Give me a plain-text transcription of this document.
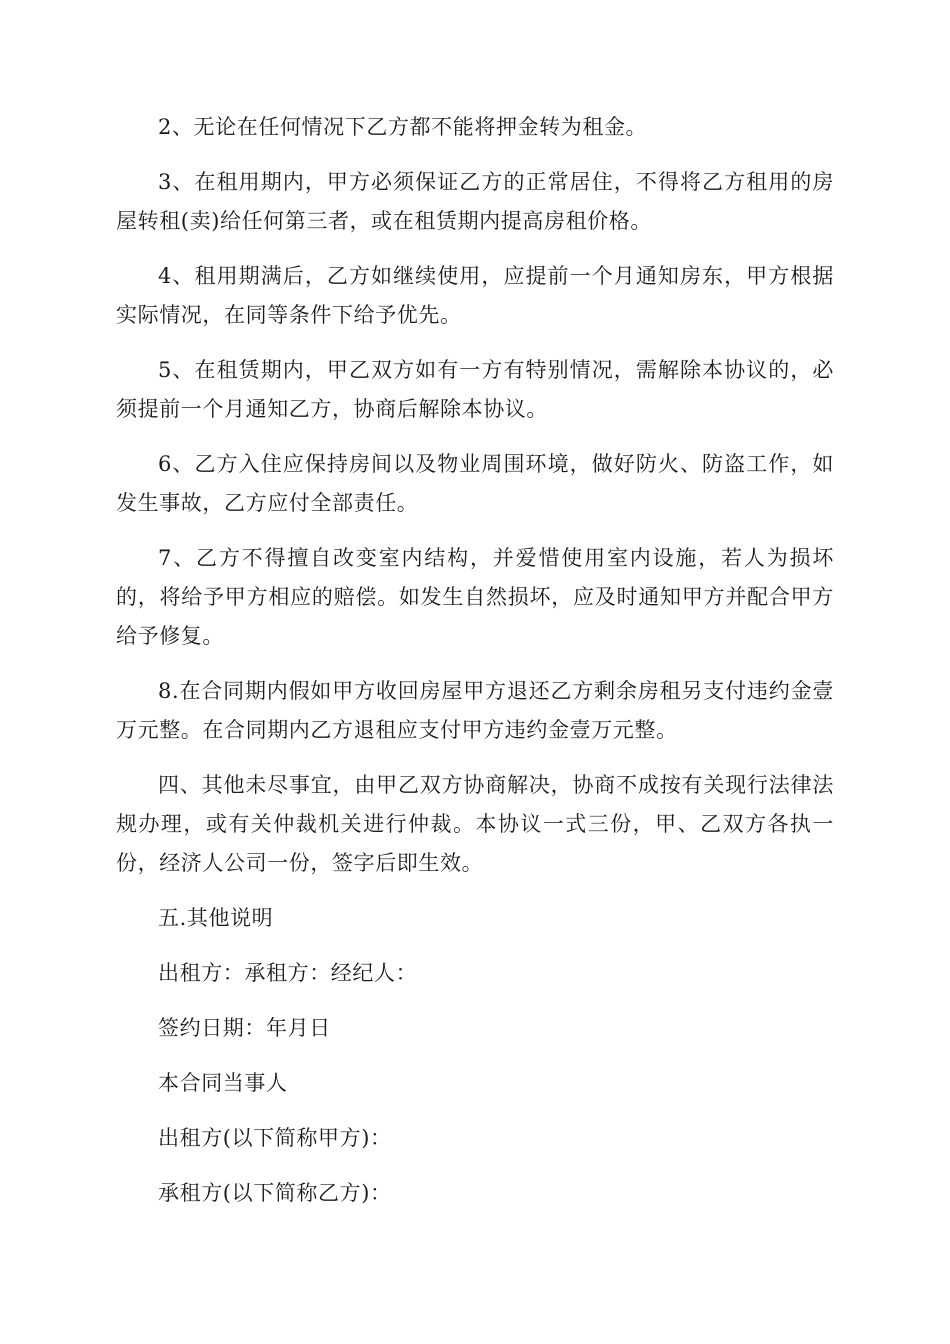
2、无论在任何情况下乙方都不能将押金转为租金。

3、在租用期内，甲方必须保证乙方的正常居住，不得将乙方租用的房屋转租(卖)给任何第三者，或在租赁期内提高房租价格。

4、租用期满后，乙方如继续使用，应提前一个月通知房东，甲方根据实际情况，在同等条件下给予优先。

5、在租赁期内，甲乙双方如有一方有特别情况，需解除本协议的，必须提前一个月通知乙方，协商后解除本协议。

6、乙方入住应保持房间以及物业周围环境，做好防火、防盗工作，如发生事故，乙方应付全部责任。

7、乙方不得擅自改变室内结构，并爱惜使用室内设施，若人为损坏的，将给予甲方相应的赔偿。如发生自然损坏，应及时通知甲方并配合甲方给予修复。

8.在合同期内假如甲方收回房屋甲方退还乙方剩余房租另支付违约金壹万元整。在合同期内乙方退租应支付甲方违约金壹万元整。

四、其他未尽事宜，由甲乙双方协商解决，协商不成按有关现行法律法规办理，或有关仲裁机关进行仲裁。本协议一式三份，甲、乙双方各执一份，经济人公司一份，签字后即生效。

五.其他说明

出租方：承租方：经纪人：

签约日期：年月日

本合同当事人

出租方(以下简称甲方)：

承租方(以下简称乙方)：
